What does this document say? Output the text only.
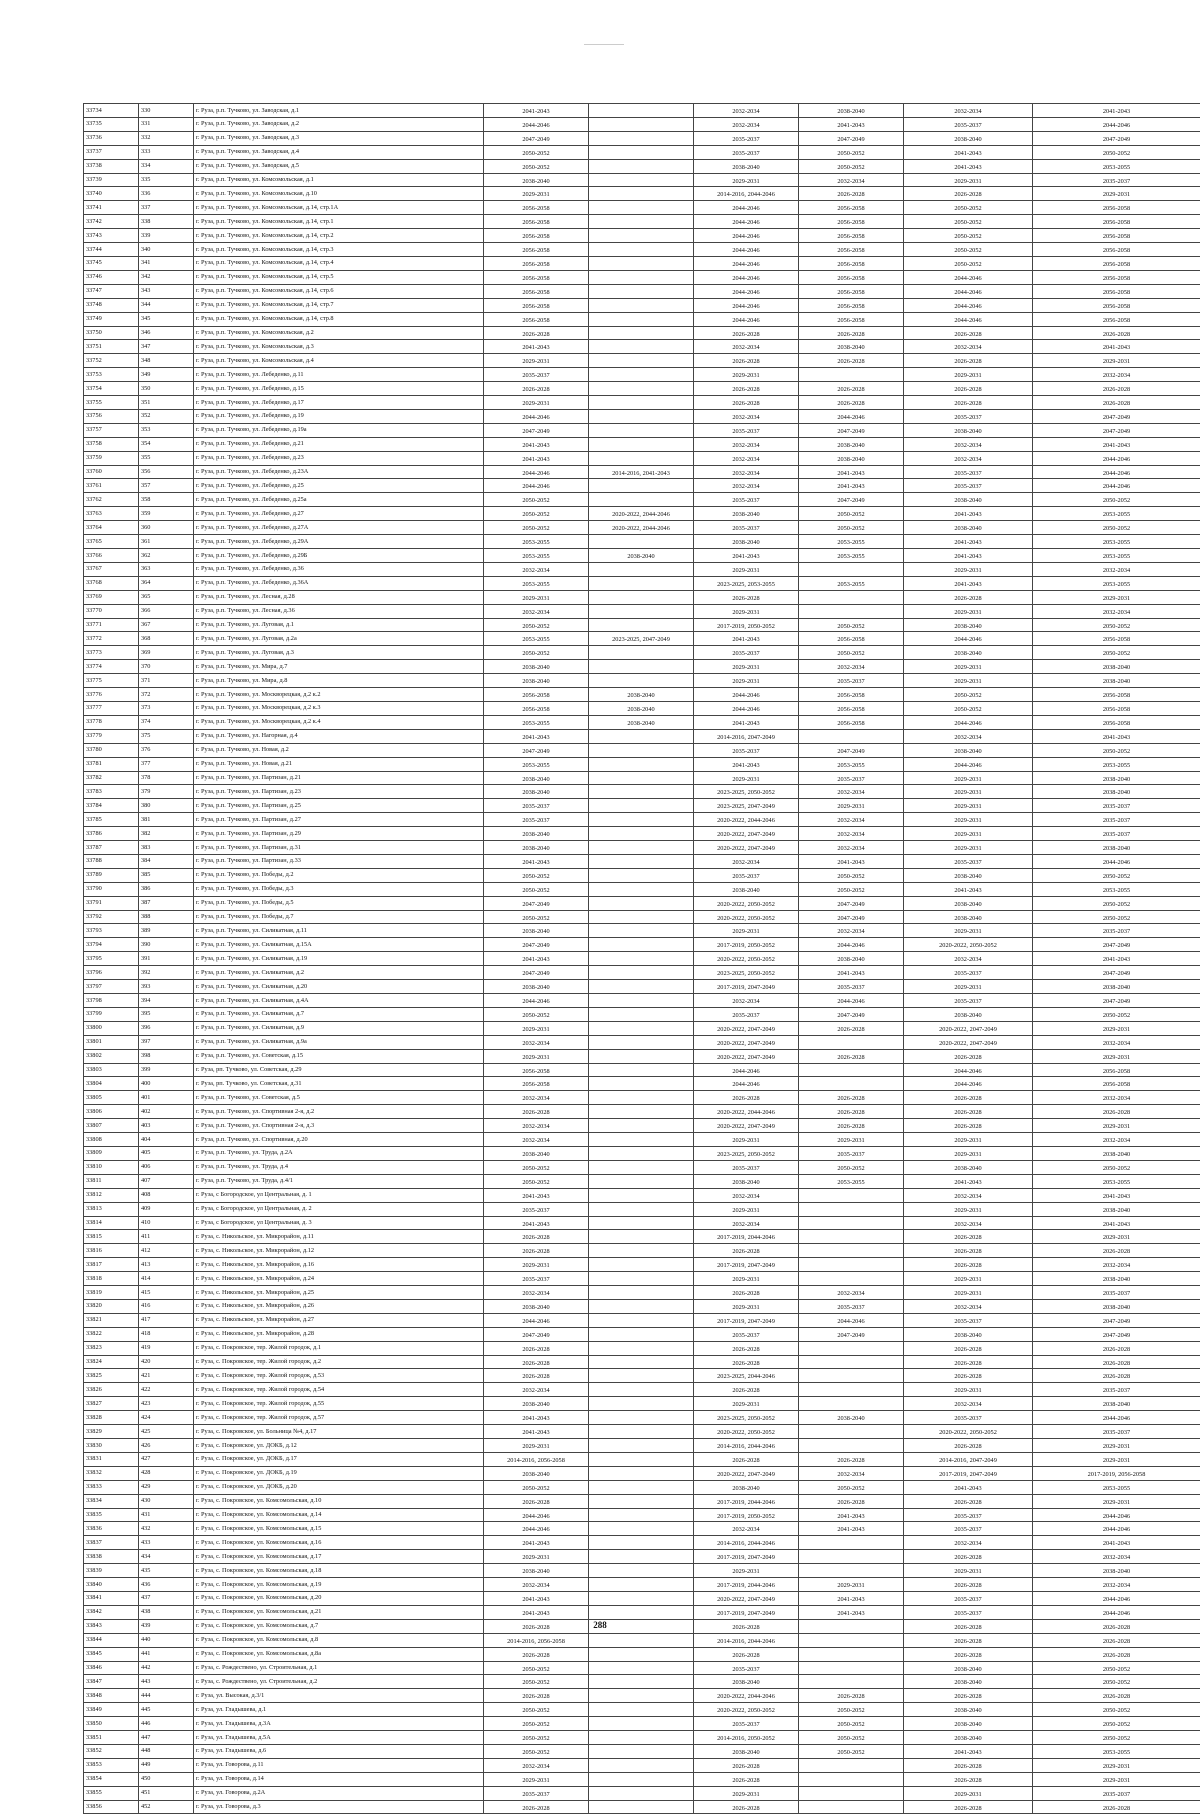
33734	330	г. Руза, р.п. Тучково, ул. Заводская, д.1	2041-2043		2032-2034	2038-2040	2032-2034	2041-2043
33735	331	г. Руза, р.п. Тучково, ул. Заводская, д.2	2044-2046		2032-2034	2041-2043	2035-2037	2044-2046
33736	332	г. Руза, р.п. Тучково, ул. Заводская, д.3	2047-2049		2035-2037	2047-2049	2038-2040	2047-2049
33737	333	г. Руза, р.п. Тучково, ул. Заводская, д.4	2050-2052		2035-2037	2050-2052	2041-2043	2050-2052
33738	334	г. Руза, р.п. Тучково, ул. Заводская, д.5	2050-2052		2038-2040	2050-2052	2041-2043	2053-2055
33739	335	г. Руза, р.п. Тучково, ул. Комсомольская, д.1	2038-2040		2029-2031	2032-2034	2029-2031	2035-2037
33740	336	г. Руза, р.п. Тучково, ул. Комсомольская, д.10	2029-2031		2014-2016, 2044-2046	2026-2028	2026-2028	2029-2031
33741	337	г. Руза, р.п. Тучково, ул. Комсомольская, д.14, стр.1А	2056-2058		2044-2046	2056-2058	2050-2052	2056-2058
33742	338	г. Руза, р.п. Тучково, ул. Комсомольская, д.14, стр.1	2056-2058		2044-2046	2056-2058	2050-2052	2056-2058
33743	339	г. Руза, р.п. Тучково, ул. Комсомольская, д.14, стр.2	2056-2058		2044-2046	2056-2058	2050-2052	2056-2058
33744	340	г. Руза, р.п. Тучково, ул. Комсомольская, д.14, стр.3	2056-2058		2044-2046	2056-2058	2050-2052	2056-2058
33745	341	г. Руза, р.п. Тучково, ул. Комсомольская, д.14, стр.4	2056-2058		2044-2046	2056-2058	2050-2052	2056-2058
33746	342	г. Руза, р.п. Тучково, ул. Комсомольская, д.14, стр.5	2056-2058		2044-2046	2056-2058	2044-2046	2056-2058
33747	343	г. Руза, р.п. Тучково, ул. Комсомольская, д.14, стр.6	2056-2058		2044-2046	2056-2058	2044-2046	2056-2058
33748	344	г. Руза, р.п. Тучково, ул. Комсомольская, д.14, стр.7	2056-2058		2044-2046	2056-2058	2044-2046	2056-2058
33749	345	г. Руза, р.п. Тучково, ул. Комсомольская, д.14, стр.8	2056-2058		2044-2046	2056-2058	2044-2046	2056-2058
33750	346	г. Руза, р.п. Тучково, ул. Комсомольская, д.2	2026-2028		2026-2028	2026-2028	2026-2028	2026-2028
33751	347	г. Руза, р.п. Тучково, ул. Комсомольская, д.3	2041-2043		2032-2034	2038-2040	2032-2034	2041-2043
33752	348	г. Руза, р.п. Тучково, ул. Комсомольская, д.4	2029-2031		2026-2028	2026-2028	2026-2028	2029-2031
33753	349	г. Руза, р.п. Тучково, ул. Лебеденко, д.11	2035-2037		2029-2031		2029-2031	2032-2034
33754	350	г. Руза, р.п. Тучково, ул. Лебеденко, д.15	2026-2028		2026-2028	2026-2028	2026-2028	2026-2028
33755	351	г. Руза, р.п. Тучково, ул. Лебеденко, д.17	2029-2031		2026-2028	2026-2028	2026-2028	2026-2028
33756	352	г. Руза, р.п. Тучково, ул. Лебеденко, д.19	2044-2046		2032-2034	2044-2046	2035-2037	2047-2049
33757	353	г. Руза, р.п. Тучково, ул. Лебеденко, д.19а	2047-2049		2035-2037	2047-2049	2038-2040	2047-2049
33758	354	г. Руза, р.п. Тучково, ул. Лебеденко, д.21	2041-2043		2032-2034	2038-2040	2032-2034	2041-2043
33759	355	г. Руза, р.п. Тучково, ул. Лебеденко, д.23	2041-2043		2032-2034	2038-2040	2032-2034	2044-2046
33760	356	г. Руза, р.п. Тучково, ул. Лебеденко, д.23А	2044-2046	2014-2016, 2041-2043	2032-2034	2041-2043	2035-2037	2044-2046
33761	357	г. Руза, р.п. Тучково, ул. Лебеденко, д.25	2044-2046		2032-2034	2041-2043	2035-2037	2044-2046
33762	358	г. Руза, р.п. Тучково, ул. Лебеденко, д.25а	2050-2052		2035-2037	2047-2049	2038-2040	2050-2052
33763	359	г. Руза, р.п. Тучково, ул. Лебеденко, д.27	2050-2052	2020-2022, 2044-2046	2038-2040	2050-2052	2041-2043	2053-2055
33764	360	г. Руза, р.п. Тучково, ул. Лебеденко, д.27А	2050-2052	2020-2022, 2044-2046	2035-2037	2050-2052	2038-2040	2050-2052
33765	361	г. Руза, р.п. Тучково, ул. Лебеденко, д.29А	2053-2055		2038-2040	2053-2055	2041-2043	2053-2055
33766	362	г. Руза, р.п. Тучково, ул. Лебеденко, д.29Б	2053-2055	2038-2040	2041-2043	2053-2055	2041-2043	2053-2055
33767	363	г. Руза, р.п. Тучково, ул. Лебеденко, д.36	2032-2034		2029-2031		2029-2031	2032-2034
33768	364	г. Руза, р.п. Тучково, ул. Лебеденко, д.36А	2053-2055		2023-2025, 2053-2055	2053-2055	2041-2043	2053-2055
33769	365	г. Руза, р.п. Тучково, ул. Лесная, д.28	2029-2031		2026-2028		2026-2028	2029-2031
33770	366	г. Руза, р.п. Тучково, ул. Лесная, д.36	2032-2034		2029-2031		2029-2031	2032-2034
33771	367	г. Руза, р.п. Тучково, ул. Луговая, д.1	2050-2052		2017-2019, 2050-2052	2050-2052	2038-2040	2050-2052
33772	368	г. Руза, р.п. Тучково, ул. Луговая, д.2а	2053-2055	2023-2025, 2047-2049	2041-2043	2056-2058	2044-2046	2056-2058
33773	369	г. Руза, р.п. Тучково, ул. Луговая, д.3	2050-2052		2035-2037	2050-2052	2038-2040	2050-2052
33774	370	г. Руза, р.п. Тучково, ул. Мира, д.7	2038-2040		2029-2031	2032-2034	2029-2031	2038-2040
33775	371	г. Руза, р.п. Тучково, ул. Мира, д.8	2038-2040		2029-2031	2035-2037	2029-2031	2038-2040
33776	372	г. Руза, р.п. Тучково, ул. Москворецкая, д.2 к.2	2056-2058	2038-2040	2044-2046	2056-2058	2050-2052	2056-2058
33777	373	г. Руза, р.п. Тучково, ул. Москворецкая, д.2 к.3	2056-2058	2038-2040	2044-2046	2056-2058	2050-2052	2056-2058
33778	374	г. Руза, р.п. Тучково, ул. Москворецкая, д.2 к.4	2053-2055	2038-2040	2041-2043	2056-2058	2044-2046	2056-2058
33779	375	г. Руза, р.п. Тучково, ул. Нагорная, д.4	2041-2043		2014-2016, 2047-2049		2032-2034	2041-2043
33780	376	г. Руза, р.п. Тучково, ул. Новая, д.2	2047-2049		2035-2037	2047-2049	2038-2040	2050-2052
33781	377	г. Руза, р.п. Тучково, ул. Новая, д.21	2053-2055		2041-2043	2053-2055	2044-2046	2053-2055
33782	378	г. Руза, р.п. Тучково, ул. Партизан, д.21	2038-2040		2029-2031	2035-2037	2029-2031	2038-2040
33783	379	г. Руза, р.п. Тучково, ул. Партизан, д.23	2038-2040		2023-2025, 2050-2052	2032-2034	2029-2031	2038-2040
33784	380	г. Руза, р.п. Тучково, ул. Партизан, д.25	2035-2037		2023-2025, 2047-2049	2029-2031	2029-2031	2035-2037
33785	381	г. Руза, р.п. Тучково, ул. Партизан, д.27	2035-2037		2020-2022, 2044-2046	2032-2034	2029-2031	2035-2037
33786	382	г. Руза, р.п. Тучково, ул. Партизан, д.29	2038-2040		2020-2022, 2047-2049	2032-2034	2029-2031	2035-2037
33787	383	г. Руза, р.п. Тучково, ул. Партизан, д.31	2038-2040		2020-2022, 2047-2049	2032-2034	2029-2031	2038-2040
33788	384	г. Руза, р.п. Тучково, ул. Партизан, д.33	2041-2043		2032-2034	2041-2043	2035-2037	2044-2046
33789	385	г. Руза, р.п. Тучково, ул. Победы, д.2	2050-2052		2035-2037	2050-2052	2038-2040	2050-2052
33790	386	г. Руза, р.п. Тучково, ул. Победы, д.3	2050-2052		2038-2040	2050-2052	2041-2043	2053-2055
33791	387	г. Руза, р.п. Тучково, ул. Победы, д.5	2047-2049		2020-2022, 2050-2052	2047-2049	2038-2040	2050-2052
33792	388	г. Руза, р.п. Тучково, ул. Победы, д.7	2050-2052		2020-2022, 2050-2052	2047-2049	2038-2040	2050-2052
33793	389	г. Руза, р.п. Тучково, ул. Силикатная, д.11	2038-2040		2029-2031	2032-2034	2029-2031	2035-2037
33794	390	г. Руза, р.п. Тучково, ул. Силикатная, д.15А	2047-2049		2017-2019, 2050-2052	2044-2046	2020-2022, 2050-2052	2047-2049
33795	391	г. Руза, р.п. Тучково, ул. Силикатная, д.19	2041-2043		2020-2022, 2050-2052	2038-2040	2032-2034	2041-2043
33796	392	г. Руза, р.п. Тучково, ул. Силикатная, д.2	2047-2049		2023-2025, 2050-2052	2041-2043	2035-2037	2047-2049
33797	393	г. Руза, р.п. Тучково, ул. Силикатная, д.20	2038-2040		2017-2019, 2047-2049	2035-2037	2029-2031	2038-2040
33798	394	г. Руза, р.п. Тучково, ул. Силикатная, д.4А	2044-2046		2032-2034	2044-2046	2035-2037	2047-2049
33799	395	г. Руза, р.п. Тучково, ул. Силикатная, д.7	2050-2052		2035-2037	2047-2049	2038-2040	2050-2052
33800	396	г. Руза, р.п. Тучково, ул. Силикатная, д.9	2029-2031		2020-2022, 2047-2049	2026-2028	2020-2022, 2047-2049	2029-2031
33801	397	г. Руза, р.п. Тучково, ул. Силикатная, д.9а	2032-2034		2020-2022, 2047-2049		2020-2022, 2047-2049	2032-2034
33802	398	г. Руза, р.п. Тучково, ул. Советская, д.15	2029-2031		2020-2022, 2047-2049	2026-2028	2026-2028	2029-2031
33803	399	г. Руза, рп. Тучково, ул. Советская, д.29	2056-2058		2044-2046		2044-2046	2056-2058
33804	400	г. Руза, рп. Тучково, ул. Советская, д.31	2056-2058		2044-2046		2044-2046	2056-2058
33805	401	г. Руза, р.п. Тучково, ул. Советская, д.5	2032-2034		2026-2028	2026-2028	2026-2028	2032-2034
33806	402	г. Руза, р.п. Тучково, ул. Спортивная 2-я, д.2	2026-2028		2020-2022, 2044-2046	2026-2028	2026-2028	2026-2028
33807	403	г. Руза, р.п. Тучково, ул. Спортивная 2-я, д.3	2032-2034		2020-2022, 2047-2049	2026-2028	2026-2028	2029-2031
33808	404	г. Руза, р.п. Тучково, ул. Спортивная, д.20	2032-2034		2029-2031	2029-2031	2029-2031	2032-2034
33809	405	г. Руза, р.п. Тучково, ул. Труда, д.2А	2038-2040		2023-2025, 2050-2052	2035-2037	2029-2031	2038-2040
33810	406	г. Руза, р.п. Тучково, ул. Труда, д.4	2050-2052		2035-2037	2050-2052	2038-2040	2050-2052
33811	407	г. Руза, р.п. Тучково, ул. Труда, д.4/1	2050-2052		2038-2040	2053-2055	2041-2043	2053-2055
33812	408	г. Руза, с Богородское, ул Центральная, д. 1	2041-2043		2032-2034		2032-2034	2041-2043
33813	409	г. Руза, с Богородское, ул Центральная, д. 2	2035-2037		2029-2031		2029-2031	2038-2040
33814	410	г. Руза, с Богородское, ул Центральная, д. 3	2041-2043		2032-2034		2032-2034	2041-2043
33815	411	г. Руза, с. Никольское, ул. Микрорайон, д.11	2026-2028		2017-2019, 2044-2046		2026-2028	2029-2031
33816	412	г. Руза, с. Никольское, ул. Микрорайон, д.12	2026-2028		2026-2028		2026-2028	2026-2028
33817	413	г. Руза, с. Никольское, ул. Микрорайон, д.16	2029-2031		2017-2019, 2047-2049		2026-2028	2032-2034
33818	414	г. Руза, с. Никольское, ул. Микрорайон, д.24	2035-2037		2029-2031		2029-2031	2038-2040
33819	415	г. Руза, с. Никольское, ул. Микрорайон, д.25	2032-2034		2026-2028	2032-2034	2029-2031	2035-2037
33820	416	г. Руза, с. Никольское, ул. Микрорайон, д.26	2038-2040		2029-2031	2035-2037	2032-2034	2038-2040
33821	417	г. Руза, с. Никольское, ул. Микрорайон, д.27	2044-2046		2017-2019, 2047-2049	2044-2046	2035-2037	2047-2049
33822	418	г. Руза, с. Никольское, ул. Микрорайон, д.28	2047-2049		2035-2037	2047-2049	2038-2040	2047-2049
33823	419	г. Руза, с. Покровское, тер. Жилой городок, д.1	2026-2028		2026-2028		2026-2028	2026-2028
33824	420	г. Руза, с. Покровское, тер. Жилой городок, д.2	2026-2028		2026-2028		2026-2028	2026-2028
33825	421	г. Руза, с. Покровское, тер. Жилой городок, д.53	2026-2028		2023-2025, 2044-2046		2026-2028	2026-2028
33826	422	г. Руза, с. Покровское, тер. Жилой городок, д.54	2032-2034		2026-2028		2029-2031	2035-2037
33827	423	г. Руза, с. Покровское, тер. Жилой городок, д.55	2038-2040		2029-2031		2032-2034	2038-2040
33828	424	г. Руза, с. Покровское, тер. Жилой городок, д.57	2041-2043		2023-2025, 2050-2052	2038-2040	2035-2037	2044-2046
33829	425	г. Руза, с. Покровское, ул. Больница №4, д.17	2041-2043		2020-2022, 2050-2052		2020-2022, 2050-2052	2035-2037
33830	426	г. Руза, с. Покровское, ул. ДОКБ, д.12	2029-2031		2014-2016, 2044-2046		2026-2028	2029-2031
33831	427	г. Руза, с. Покровское, ул. ДОКБ, д.17	2014-2016, 2056-2058		2026-2028	2026-2028	2014-2016, 2047-2049	2029-2031
33832	428	г. Руза, с. Покровское, ул. ДОКБ, д.19	2038-2040		2020-2022, 2047-2049	2032-2034	2017-2019, 2047-2049	2017-2019, 2056-2058
33833	429	г. Руза, с. Покровское, ул. ДОКБ, д.20	2050-2052		2038-2040	2050-2052	2041-2043	2053-2055
33834	430	г. Руза, с. Покровское, ул. Комсомольская, д.10	2026-2028		2017-2019, 2044-2046	2026-2028	2026-2028	2029-2031
33835	431	г. Руза, с. Покровское, ул. Комсомольская, д.14	2044-2046		2017-2019, 2050-2052	2041-2043	2035-2037	2044-2046
33836	432	г. Руза, с. Покровское, ул. Комсомольская, д.15	2044-2046		2032-2034	2041-2043	2035-2037	2044-2046
33837	433	г. Руза, с. Покровское, ул. Комсомольская, д.16	2041-2043		2014-2016, 2044-2046		2032-2034	2041-2043
33838	434	г. Руза, с. Покровское, ул. Комсомольская, д.17	2029-2031		2017-2019, 2047-2049		2026-2028	2032-2034
33839	435	г. Руза, с. Покровское, ул. Комсомольская, д.18	2038-2040		2029-2031		2029-2031	2038-2040
33840	436	г. Руза, с. Покровское, ул. Комсомольская, д.19	2032-2034		2017-2019, 2044-2046	2029-2031	2026-2028	2032-2034
33841	437	г. Руза, с. Покровское, ул. Комсомольская, д.20	2041-2043		2020-2022, 2047-2049	2041-2043	2035-2037	2044-2046
33842	438	г. Руза, с. Покровское, ул. Комсомольская, д.21	2041-2043		2017-2019, 2047-2049	2041-2043	2035-2037	2044-2046
33843	439	г. Руза, с. Покровское, ул. Комсомольская, д.7	2026-2028		2026-2028		2026-2028	2026-2028
33844	440	г. Руза, с. Покровское, ул. Комсомольская, д.8	2014-2016, 2056-2058		2014-2016, 2044-2046		2026-2028	2026-2028
33845	441	г. Руза, с. Покровское, ул. Комсомольская, д.8а	2026-2028		2026-2028		2026-2028	2026-2028
33846	442	г. Руза, с. Рождествено, ул. Строительная, д.1	2050-2052		2035-2037		2038-2040	2050-2052
33847	443	г. Руза, с. Рождествено, ул. Строительная, д.2	2050-2052		2038-2040		2038-2040	2050-2052
33848	444	г. Руза, ул. Высокая, д.3/1	2026-2028		2020-2022, 2044-2046	2026-2028	2026-2028	2026-2028
33849	445	г. Руза, ул. Гладышева, д.1	2050-2052		2020-2022, 2050-2052	2050-2052	2038-2040	2050-2052
33850	446	г. Руза, ул. Гладышева, д.3А	2050-2052		2035-2037	2050-2052	2038-2040	2050-2052
33851	447	г. Руза, ул. Гладышева, д.5А	2050-2052		2014-2016, 2050-2052	2050-2052	2038-2040	2050-2052
33852	448	г. Руза, ул. Гладышева, д.6	2050-2052		2038-2040	2050-2052	2041-2043	2053-2055
33853	449	г. Руза, ул. Говорова, д.11	2032-2034		2026-2028		2026-2028	2029-2031
33854	450	г. Руза, ул. Говорова, д.14	2029-2031		2026-2028		2026-2028	2029-2031
33855	451	г. Руза, ул. Говорова, д.2А	2035-2037		2029-2031		2029-2031	2035-2037
33856	452	г. Руза, ул. Говорова, д.3	2026-2028		2026-2028		2026-2028	2026-2028
288
